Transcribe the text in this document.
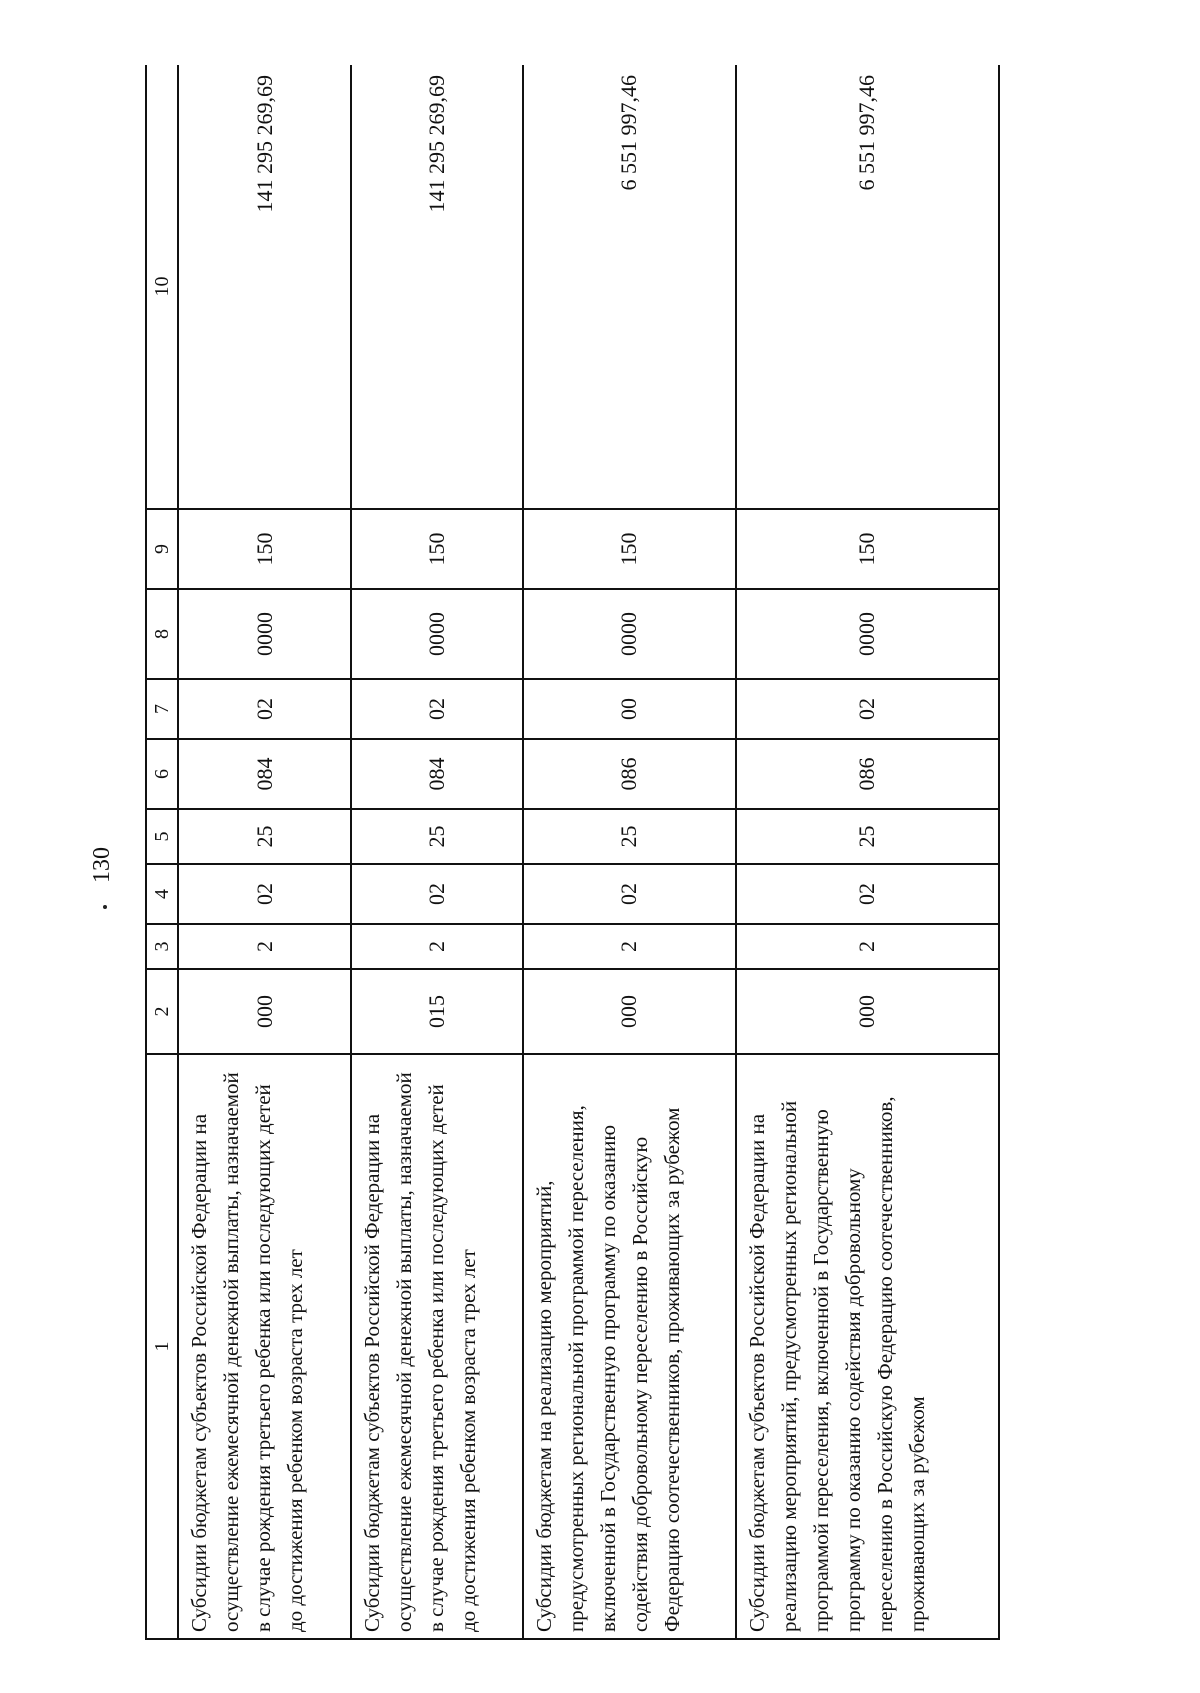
130
1	2	3	4	5	6	7	8	9	10
Субсидии бюджетам субъектов Российской Федерации на осуществление ежемесячной денежной выплаты, назначаемой в случае рождения третьего ребенка или последующих детей до достижения ребенком возраста трех лет	000	2	02	25	084	02	0000	150	141 295 269,69
Субсидии бюджетам субъектов Российской Федерации на осуществление ежемесячной денежной выплаты, назначаемой в случае рождения третьего ребенка или последующих детей до достижения ребенком возраста трех лет	015	2	02	25	084	02	0000	150	141 295 269,69
Субсидии бюджетам на реализацию мероприятий, предусмотренных региональной программой переселения, включенной в Государственную программу по оказанию содействия добровольному переселению в Российскую Федерацию соотечественников, проживающих за рубежом	000	2	02	25	086	00	0000	150	6 551 997,46
Субсидии бюджетам субъектов Российской Федерации на реализацию мероприятий, предусмотренных региональной программой переселения, включенной в Государственную программу по оказанию содействия добровольному переселению в Российскую Федерацию соотечественников, проживающих за рубежом	000	2	02	25	086	02	0000	150	6 551 997,46
